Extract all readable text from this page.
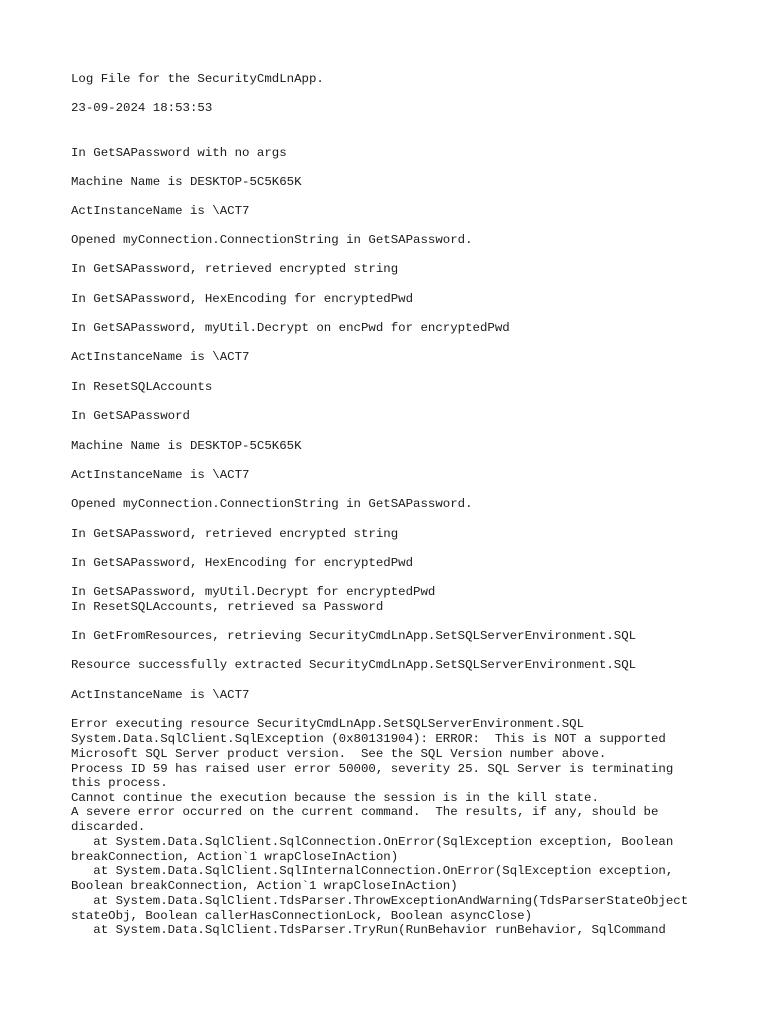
Log File for the SecurityCmdLnApp.

23-09-2024 18:53:53

In GetSAPassword with no args

Machine Name is DESKTOP-5C5K65K

ActInstanceName is \ACT7

Opened myConnection.ConnectionString in GetSAPassword.

In GetSAPassword, retrieved encrypted string

In GetSAPassword, HexEncoding for encryptedPwd

In GetSAPassword, myUtil.Decrypt on encPwd for encryptedPwd

ActInstanceName is \ACT7

In ResetSQLAccounts

In GetSAPassword

Machine Name is DESKTOP-5C5K65K

ActInstanceName is \ACT7

Opened myConnection.ConnectionString in GetSAPassword.

In GetSAPassword, retrieved encrypted string

In GetSAPassword, HexEncoding for encryptedPwd

In GetSAPassword, myUtil.Decrypt for encryptedPwd

In ResetSQLAccounts, retrieved sa Password

In GetFromResources, retrieving SecurityCmdLnApp.SetSQLServerEnvironment.SQL

Resource successfully extracted SecurityCmdLnApp.SetSQLServerEnvironment.SQL

ActInstanceName is \ACT7

Error executing resource SecurityCmdLnApp.SetSQLServerEnvironment.SQL

System.Data.SqlClient.SqlException (0x80131904): ERROR:  This is NOT a supported

Microsoft SQL Server product version.  See the SQL Version number above.

Process ID 59 has raised user error 50000, severity 25. SQL Server is terminating

this process.

Cannot continue the execution because the session is in the kill state.

A severe error occurred on the current command.  The results, if any, should be

discarded.

at System.Data.SqlClient.SqlConnection.OnError(SqlException exception, Boolean

breakConnection, Action`1 wrapCloseInAction)

at System.Data.SqlClient.SqlInternalConnection.OnError(SqlException exception,

Boolean breakConnection, Action`1 wrapCloseInAction)

at System.Data.SqlClient.TdsParser.ThrowExceptionAndWarning(TdsParserStateObject

stateObj, Boolean callerHasConnectionLock, Boolean asyncClose)

at System.Data.SqlClient.TdsParser.TryRun(RunBehavior runBehavior, SqlCommand
